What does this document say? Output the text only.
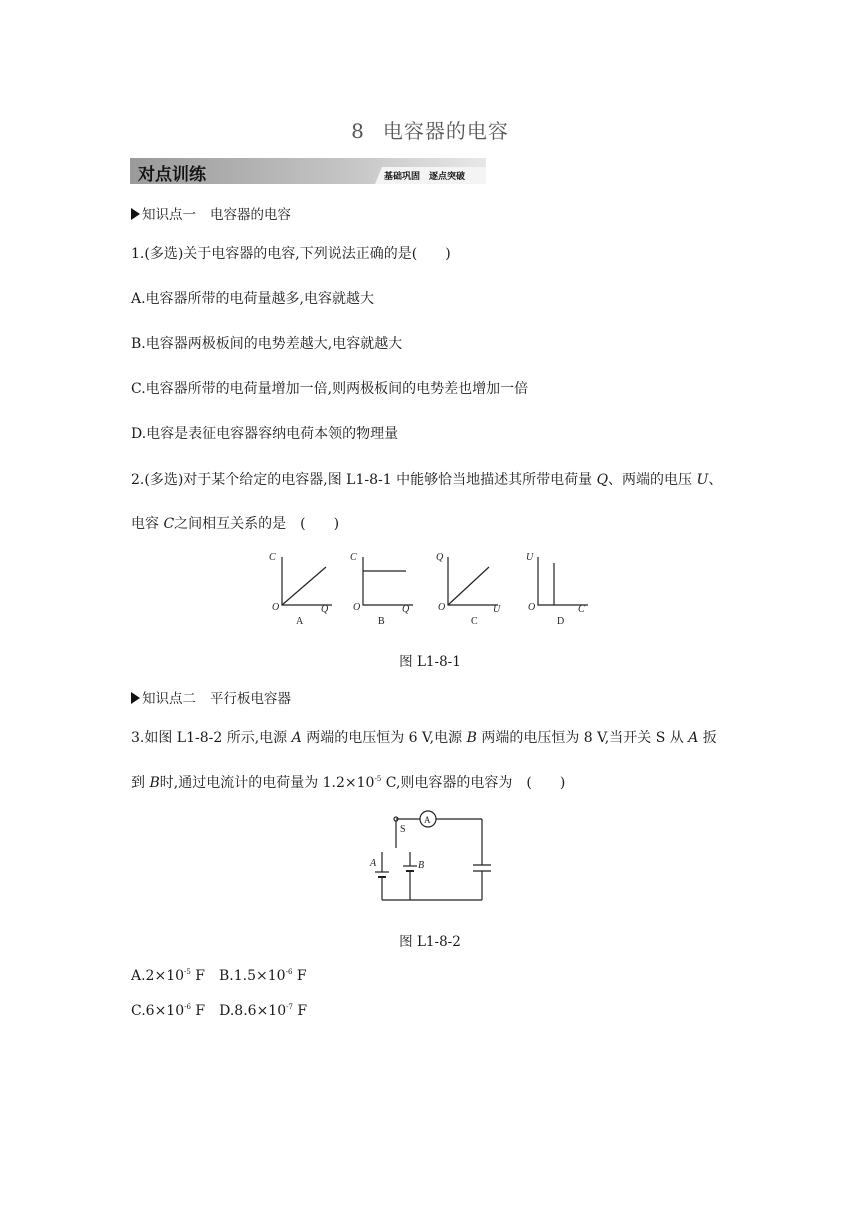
8 电容器的电容
对点训练	基础巩固　逐点突破
知识点一 电容器的电容
1.(多选)关于电容器的电容,下列说法正确的是(　　)
A.电容器所带的电荷量越多,电容就越大
B.电容器两极板间的电势差越大,电容就越大
C.电容器所带的电荷量增加一倍,则两极板间的电势差也增加一倍
D.电容是表征电容器容纳电荷本领的物理量
2.(多选)对于某个给定的电容器,图 L1-8-1 中能够恰当地描述其所带电荷量 Q、两端的电压 U、
电容 C之间相互关系的是　(　　)
C
Q
O
C
Q
O
Q
U
O
U
C
O
A	B	C	D
图 L1-8-1
知识点二 平行板电容器
3.如图 L1-8-2 所示,电源 A 两端的电压恒为 6 V,电源 B 两端的电压恒为 8 V,当开关 S 从 A 扳
到 B时,通过电流计的电荷量为 $1.2\times 10^{-5}$ C,则电容器的电容为　(　　)
S
A
A	B
图 L1-8-2
$A.2\times 10^{-5}$ F $B.1.5\times 10^{-6}$ F
$C.6\times 10^{-6}$ F $D.8.6\times 10^{-7}$ F
